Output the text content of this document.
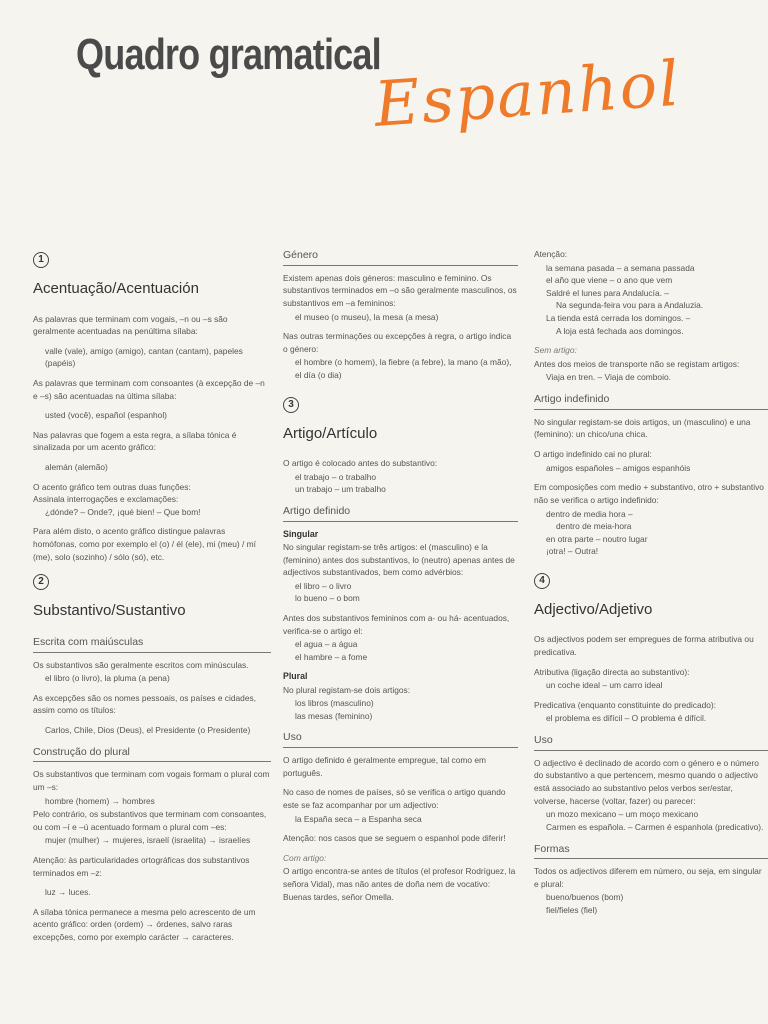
Quadro gramatical
Espanhol
1
Acentuação/Acentuación

As palavras que terminam com vogais, –n ou –s são geralmente acentuadas na penúltima sílaba:

valle (vale), amigo (amigo), cantan (cantam), papeles (papéis)

As palavras que terminam com consoantes (à excepção de –n e –s) são acentuadas na última sílaba:

usted (você), español (espanhol)

Nas palavras que fogem a esta regra, a sílaba tónica é sinalizada por um acento gráfico:

alemán (alemão)

O acento gráfico tem outras duas funções:

Assinala interrogações e exclamações:

¿dónde? – Onde?, ¡qué bien! – Que bom!

Para além disto, o acento gráfico distingue palavras homófonas, como por exemplo el (o) / él (ele), mi (meu) / mí (me), solo (sozinho) / sólo (só), etc.

2
Substantivo/Sustantivo
Escrita com maiúsculas

Os substantivos são geralmente escritos com minúsculas.

el libro (o livro), la pluma (a pena)

As excepções são os nomes pessoais, os países e cidades, assim como os títulos:

Carlos, Chile, Dios (Deus), el Presidente (o Presidente)

Construção do plural

Os substantivos que terminam com vogais formam o plural com um –s:

hombre (homem) → hombres

Pelo contrário, os substantivos que terminam com consoantes, ou com –í e –ú acentuado formam o plural com –es:

mujer (mulher) → mujeres, israelí (israelita) → israelíes

Atenção: às particularidades ortográficas dos substantivos terminados em –z:

luz → luces.

A sílaba tónica permanece a mesma pelo acrescento de um acento gráfico: orden (ordem) → órdenes, salvo raras excepções, como por exemplo carácter → caracteres.

Género

Existem apenas dois géneros: masculino e feminino. Os substantivos terminados em –o são geralmente masculinos, os substantivos em –a femininos:

el museo (o museu), la mesa (a mesa)

Nas outras terminações ou excepções à regra, o artigo indica o género:

el hombre (o homem), la fiebre (a febre), la mano (a mão),

el día (o dia)

3
Artigo/Artículo

O artigo é colocado antes do substantivo:

el trabajo – o trabalho

un trabajo – um trabalho

Artigo definido
Singular

No singular registam-se três artigos: el (masculino) e la (feminino) antes dos substantivos, lo (neutro) apenas antes de adjectivos substantivados, bem como advérbios:

el libro – o livro

lo bueno – o bom

Antes dos substantivos femininos com a- ou há- acentuados, verifica-se o artigo el:

el agua – a água

el hambre – a fome

Plural

No plural registam-se dois artigos:

los libros (masculino)

las mesas (feminino)

Uso

O artigo definido é geralmente empregue, tal como em português.

No caso de nomes de países, só se verifica o artigo quando este se faz acompanhar por um adjectivo:

la España seca – a Espanha seca

Atenção: nos casos que se seguem o espanhol pode diferir!

Com artigo:

O artigo encontra-se antes de títulos (el profesor Rodríguez, la señora Vidal), mas não antes de doña nem de vocativo: Buenas tardes, señor Omella.

Atenção:

la semana pasada – a semana passada

el año que viene – o ano que vem

Saldré el lunes para Andalucía. –

Na segunda-feira vou para a Andaluzia.

La tienda está cerrada los domingos. –

A loja está fechada aos domingos.

Sem artigo:

Antes dos meios de transporte não se registam artigos:

Viaja en tren. – Viaja de comboio.

Artigo indefinido

No singular registam-se dois artigos, un (masculino) e una (feminino): un chico/una chica.

O artigo indefinido cai no plural:

amigos españoles – amigos espanhóis

Em composições com medio + substantivo, otro + substantivo não se verifica o artigo indefinido:

dentro de media hora –

dentro de meia-hora

en otra parte – noutro lugar

¡otra! – Outra!

4
Adjectivo/Adjetivo

Os adjectivos podem ser empregues de forma atributiva ou predicativa.

Atributiva (ligação directa ao substantivo):

un coche ideal – um carro ideal

Predicativa (enquanto constituinte do predicado):

el problema es difícil – O problema é difícil.

Uso

O adjectivo é declinado de acordo com o género e o número do substantivo a que pertencem, mesmo quando o adjectivo está associado ao substantivo pelos verbos ser/estar, volverse, hacerse (voltar, fazer) ou parecer:

un mozo mexicano – um moço mexicano

Carmen es española. – Carmen é espanhola (predicativo).

Formas

Todos os adjectivos diferem em número, ou seja, em singular e plural:

bueno/buenos (bom)

fiel/fieles (fiel)
